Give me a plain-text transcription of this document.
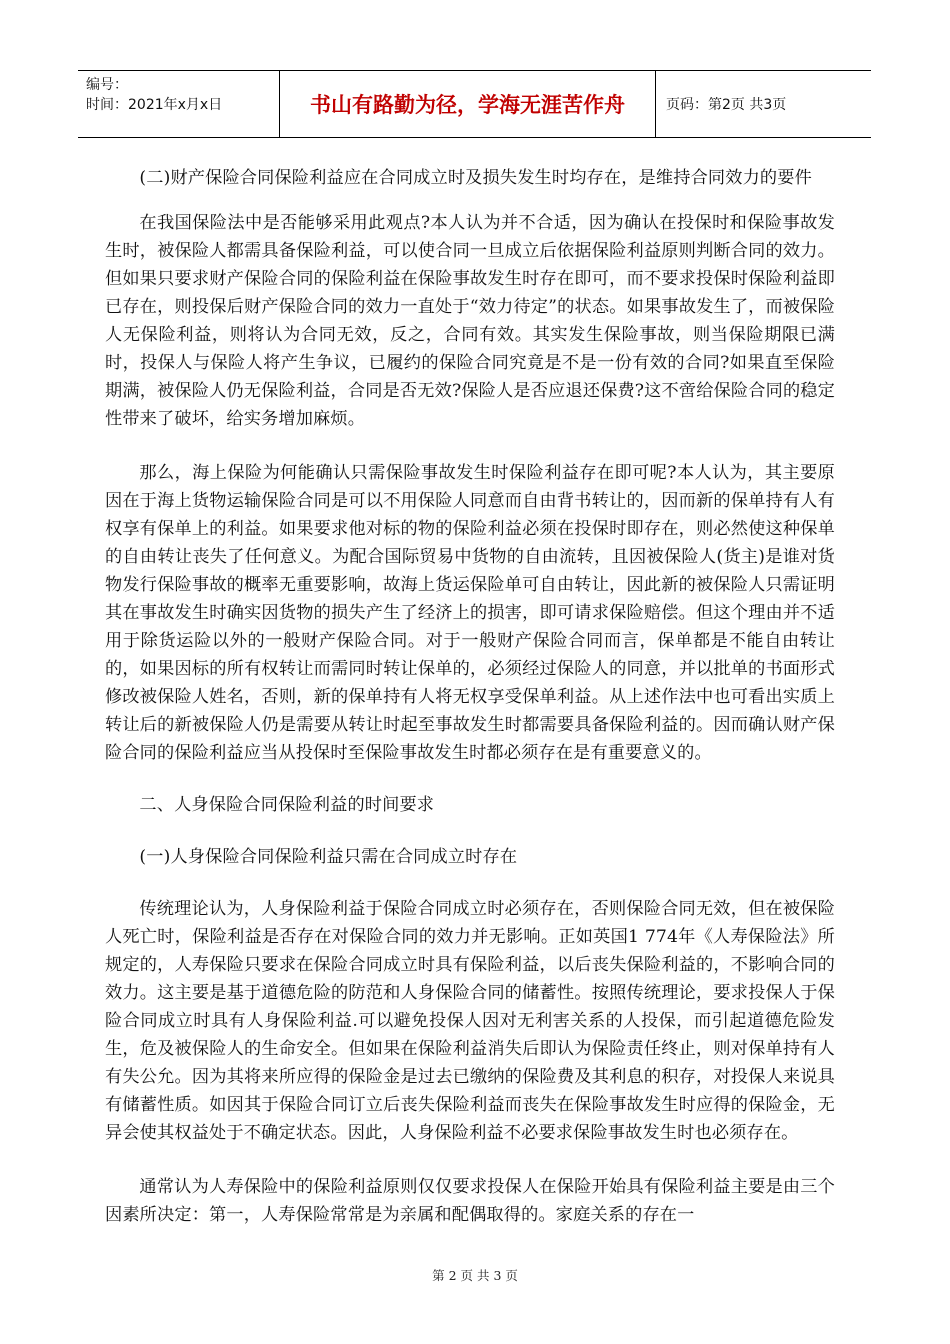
编号：
时间：2021年x月x日	书山有路勤为径，学海无涯苦作舟	页码：第2页 共3页

(二)财产保险合同保险利益应在合同成立时及损失发生时均存在，是维持合同效力的要件

在我国保险法中是否能够采用此观点?本人认为并不合适，因为确认在投保时和保险事故发生时，被保险人都需具备保险利益，可以使合同一旦成立后依据保险利益原则判断合同的效力。但如果只要求财产保险合同的保险利益在保险事故发生时存在即可，而不要求投保时保险利益即已存在，则投保后财产保险合同的效力一直处于“效力待定”的状态。如果事故发生了，而被保险人无保险利益，则将认为合同无效，反之，合同有效。其实发生保险事故，则当保险期限已满时，投保人与保险人将产生争议，已履约的保险合同究竟是不是一份有效的合同?如果直至保险期满，被保险人仍无保险利益，合同是否无效?保险人是否应退还保费?这不啻给保险合同的稳定性带来了破坏，给实务增加麻烦。

那么，海上保险为何能确认只需保险事故发生时保险利益存在即可呢?本人认为，其主要原因在于海上货物运输保险合同是可以不用保险人同意而自由背书转让的，因而新的保单持有人有权享有保单上的利益。如果要求他对标的物的保险利益必须在投保时即存在，则必然使这种保单的自由转让丧失了任何意义。为配合国际贸易中货物的自由流转，且因被保险人(货主)是谁对货物发行保险事故的概率无重要影响，故海上货运保险单可自由转让，因此新的被保险人只需证明其在事故发生时确实因货物的损失产生了经济上的损害，即可请求保险赔偿。但这个理由并不适用于除货运险以外的一般财产保险合同。对于一般财产保险合同而言，保单都是不能自由转让的，如果因标的所有权转让而需同时转让保单的，必须经过保险人的同意，并以批单的书面形式修改被保险人姓名，否则，新的保单持有人将无权享受保单利益。从上述作法中也可看出实质上转让后的新被保险人仍是需要从转让时起至事故发生时都需要具备保险利益的。因而确认财产保险合同的保险利益应当从投保时至保险事故发生时都必须存在是有重要意义的。

二、人身保险合同保险利益的时间要求

(一)人身保险合同保险利益只需在合同成立时存在

传统理论认为，人身保险利益于保险合同成立时必须存在，否则保险合同无效，但在被保险人死亡时，保险利益是否存在对保险合同的效力并无影响。正如英国1 774年《人寿保险法》所规定的，人寿保险只要求在保险合同成立时具有保险利益，以后丧失保险利益的，不影响合同的效力。这主要是基于道德危险的防范和人身保险合同的储蓄性。按照传统理论，要求投保人于保险合同成立时具有人身保险利益.可以避免投保人因对无利害关系的人投保，而引起道德危险发生，危及被保险人的生命安全。但如果在保险利益消失后即认为保险责任终止，则对保单持有人有失公允。因为其将来所应得的保险金是过去已缴纳的保险费及其利息的积存，对投保人来说具有储蓄性质。如因其于保险合同订立后丧失保险利益而丧失在保险事故发生时应得的保险金，无异会使其权益处于不确定状态。因此，人身保险利益不必要求保险事故发生时也必须存在。

通常认为人寿保险中的保险利益原则仅仅要求投保人在保险开始具有保险利益主要是由三个因素所决定：第一，人寿保险常常是为亲属和配偶取得的。家庭关系的存在一

第 2 页 共 3 页
